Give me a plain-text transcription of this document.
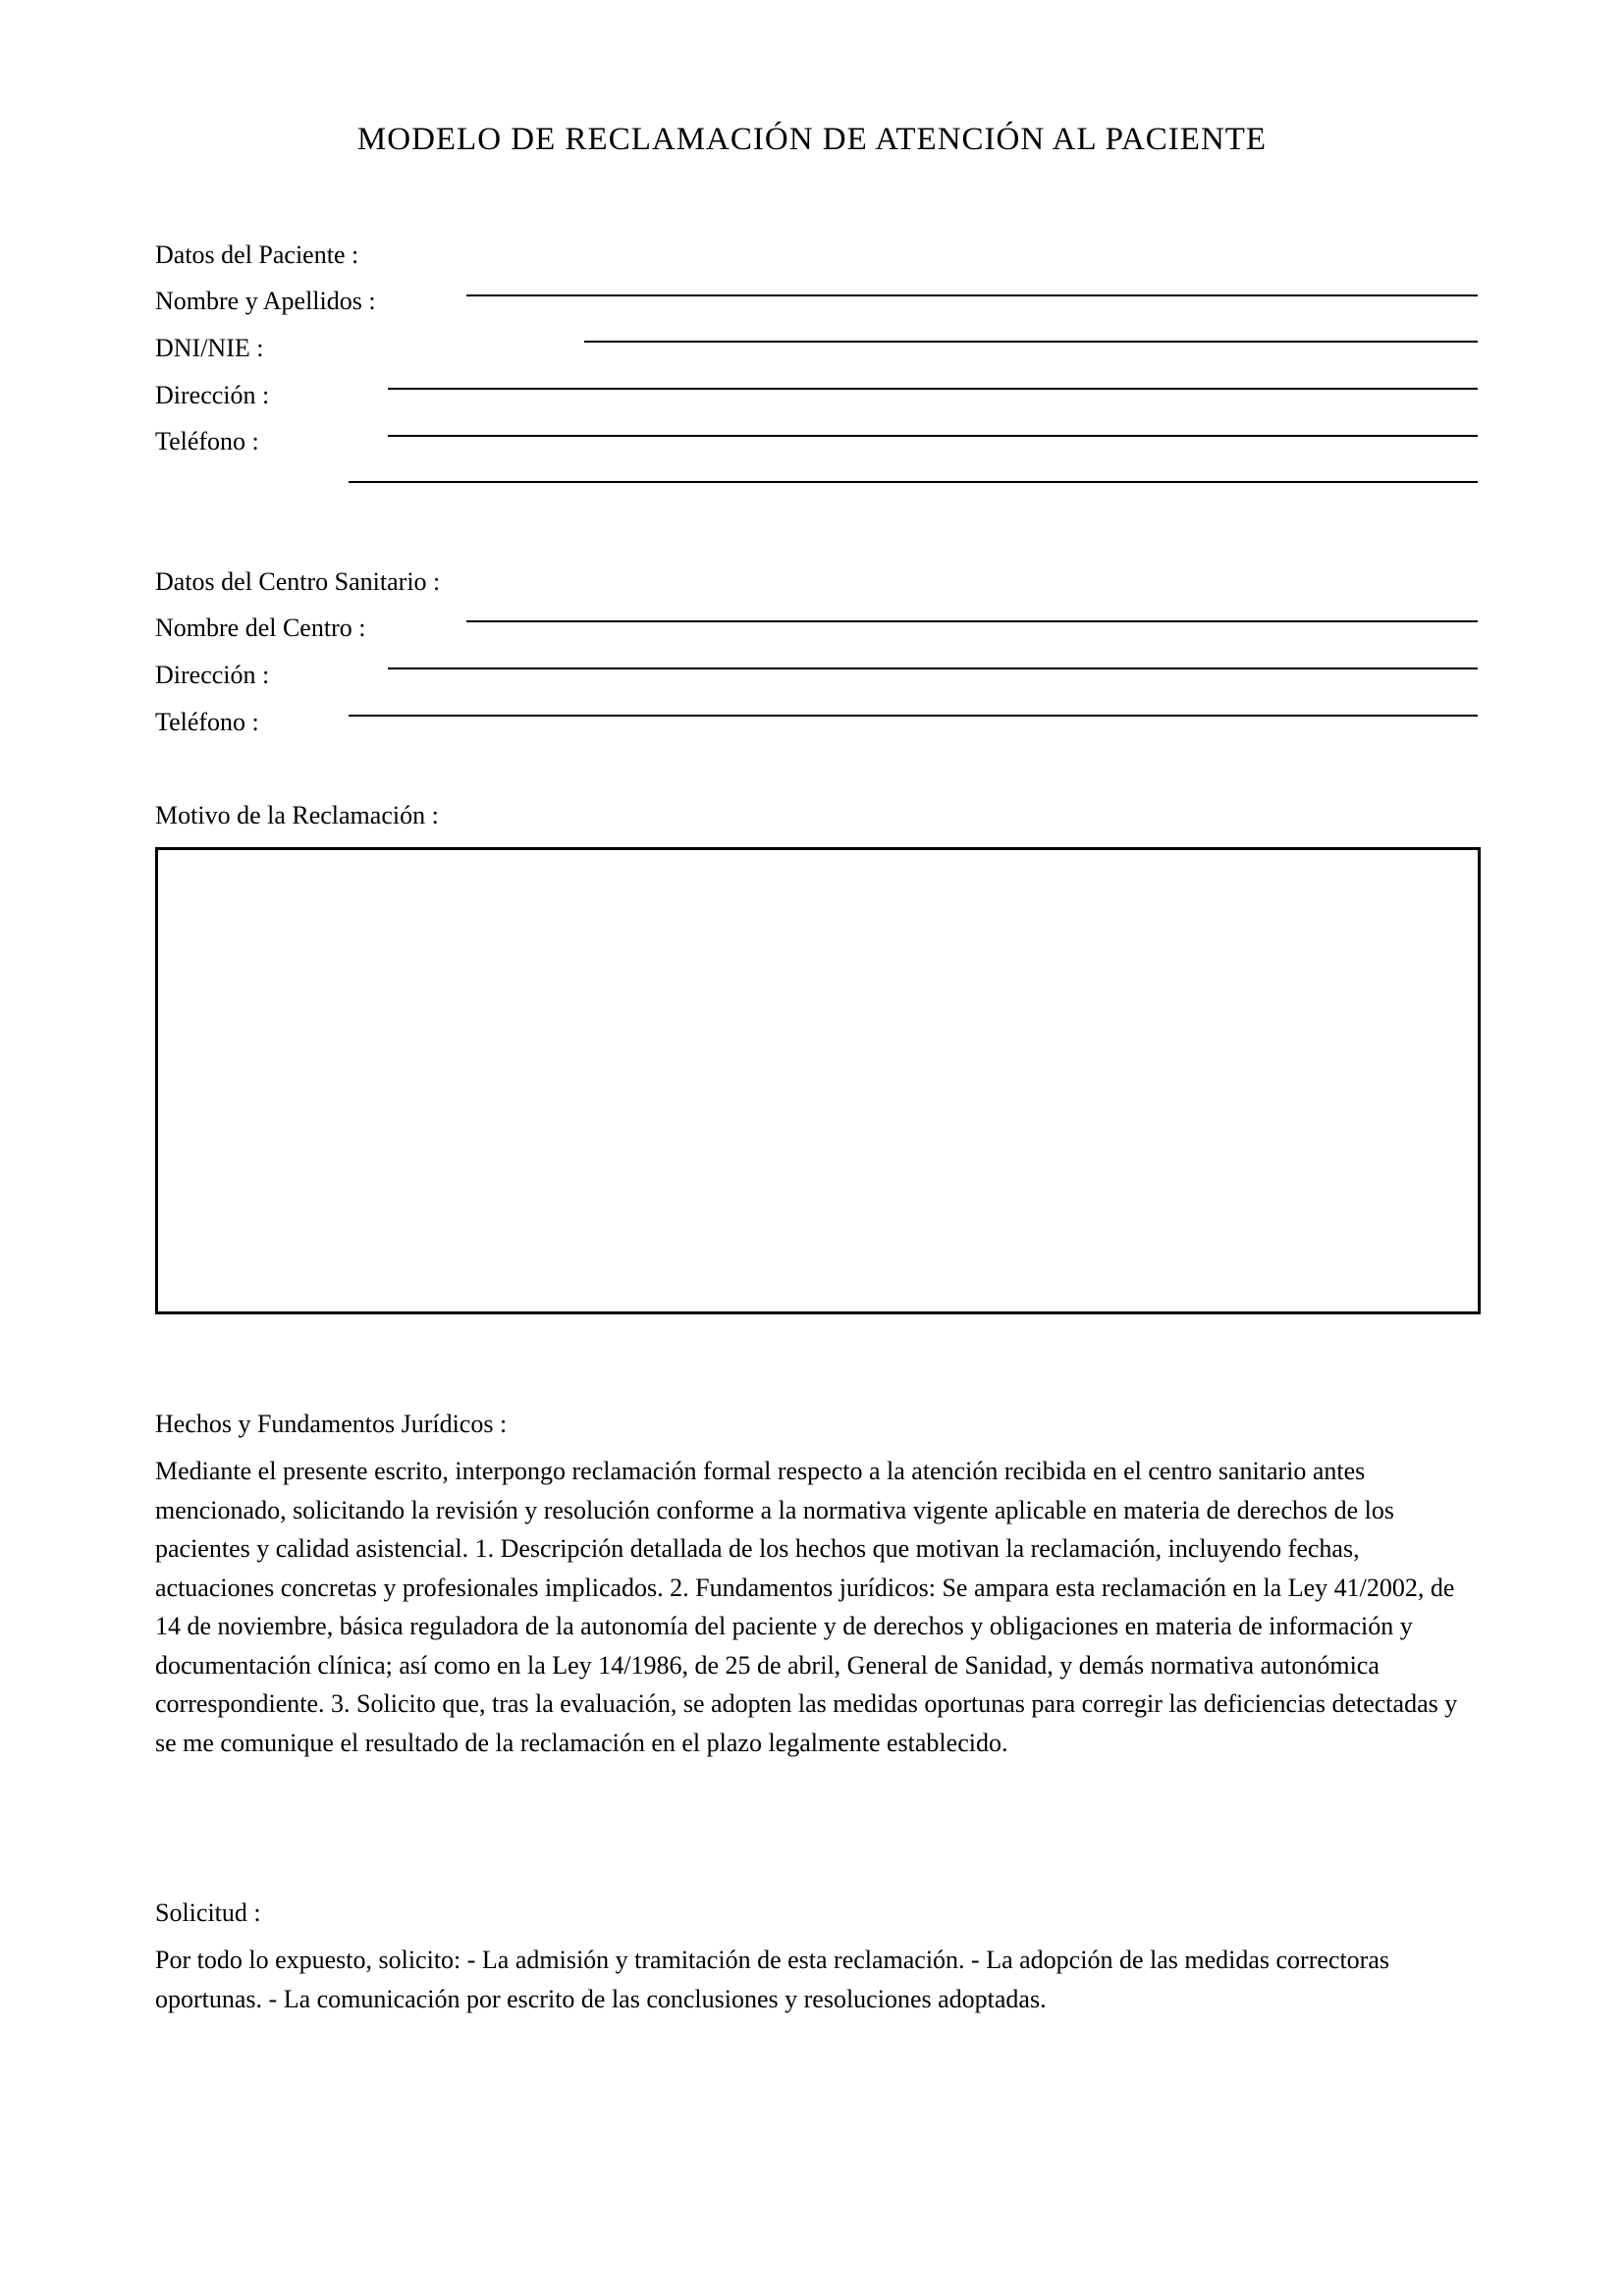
MODELO DE RECLAMACIÓN DE ATENCIÓN AL PACIENTE
Datos del Paciente :
Nombre y Apellidos :
DNI/NIE :
Dirección :
Teléfono :
Datos del Centro Sanitario :
Nombre del Centro :
Dirección :
Teléfono :
Motivo de la Reclamación :
Hechos y Fundamentos Jurídicos :
Mediante el presente escrito, interpongo reclamación formal respecto a la atención recibida en el centro sanitario antes mencionado, solicitando la revisión y resolución conforme a la normativa vigente aplicable en materia de derechos de los pacientes y calidad asistencial. 1. Descripción detallada de los hechos que motivan la reclamación, incluyendo fechas, actuaciones concretas y profesionales implicados. 2. Fundamentos jurídicos: Se ampara esta reclamación en la Ley 41/2002, de 14 de noviembre, básica reguladora de la autonomía del paciente y de derechos y obligaciones en materia de información y documentación clínica; así como en la Ley 14/1986, de 25 de abril, General de Sanidad, y demás normativa autonómica correspondiente. 3. Solicito que, tras la evaluación, se adopten las medidas oportunas para corregir las deficiencias detectadas y se me comunique el resultado de la reclamación en el plazo legalmente establecido.
Solicitud :
Por todo lo expuesto, solicito: - La admisión y tramitación de esta reclamación. - La adopción de las medidas correctoras oportunas. - La comunicación por escrito de las conclusiones y resoluciones adoptadas.
